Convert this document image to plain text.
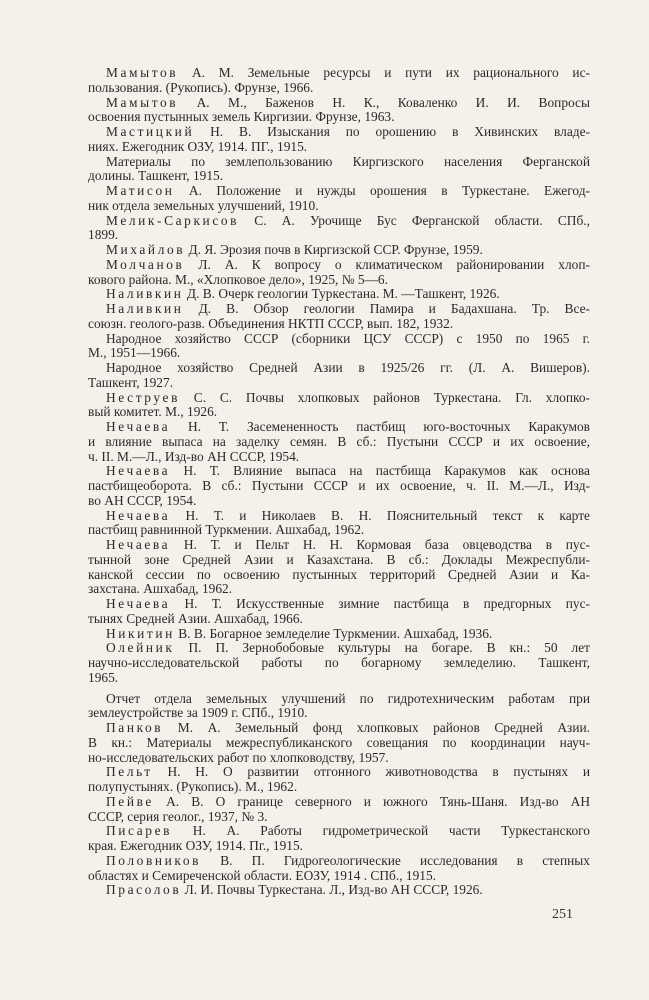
Мамытов А. М. Земельные ресурсы и пути их рационального ис-
пользования. (Рукопись). Фрунзе, 1966.
Мамытов А. М., Баженов Н. К., Коваленко И. И. Вопросы
освоения пустынных земель Киргизии. Фрунзе, 1963.
Мастицкий Н. В. Изыскания по орошению в Хивинских владе-
ниях. Ежегодник ОЗУ, 1914. ПГ., 1915.
Материалы по землепользованию Киргизского населения Ферганской
долины. Ташкент, 1915.
Матисон А. Положение и нужды орошения в Туркестане. Ежегод-
ник отдела земельных улучшений, 1910.
Мелик-Саркисов С. А. Урочище Бус Ферганской области. СПб.,
1899.
Михайлов Д. Я. Эрозия почв в Киргизской ССР. Фрунзе, 1959.
Молчанов Л. А. К вопросу о климатическом районировании хлоп-
кового района. М., «Хлопковое дело», 1925, № 5—6.
Наливкин Д. В. Очерк геологии Туркестана. М. —Ташкент, 1926.
Наливкин Д. В. Обзор геологии Памира и Бадахшана. Тр. Все-
союзн. геолого-разв. Объединения НКТП СССР, вып. 182, 1932.
Народное хозяйство СССР (сборники ЦСУ СССР) с 1950 по 1965 г.
М., 1951—1966.
Народное хозяйство Средней Азии в 1925/26 гг. (Л. А. Вишеров).
Ташкент, 1927.
Неструев С. С. Почвы хлопковых районов Туркестана. Гл. хлопко-
вый комитет. М., 1926.
Нечаева Н. Т. Засемененность пастбищ юго-восточных Каракумов
и влияние выпаса на заделку семян. В сб.: Пустыни СССР и их освоение,
ч. II. М.—Л., Изд-во АН СССР, 1954.
Нечаева Н. Т. Влияние выпаса на пастбища Каракумов как основа
пастбищеоборота. В сб.: Пустыни СССР и их освоение, ч. II. М.—Л., Изд-
во АН СССР, 1954.
Нечаева Н. Т. и Николаев В. Н. Пояснительный текст к карте
пастбищ равнинной Туркмении. Ашхабад, 1962.
Нечаева Н. Т. и Пельт Н. Н. Кормовая база овцеводства в пус-
тынной зоне Средней Азии и Казахстана. В сб.: Доклады Межреспубли-
канской сессии по освоению пустынных территорий Средней Азии и Ка-
захстана. Ашхабад, 1962.
Нечаева Н. Т. Искусственные зимние пастбища в предгорных пус-
тынях Средней Азии. Ашхабад, 1966.
Никитин В. В. Богарное земледелие Туркмении. Ашхабад, 1936.
Олейник П. П. Зернобобовые культуры на богаре. В кн.: 50 лет
научно-исследовательской работы по богарному земледелию. Ташкент,
1965.
Отчет отдела земельных улучшений по гидротехническим работам при
землеустройстве за 1909 г. СПб., 1910.
Панков М. А. Земельный фонд хлопковых районов Средней Азии.
В кн.: Материалы межреспубликанского совещания по координации науч-
но-исследовательских работ по хлопководству, 1957.
Пельт Н. Н. О развитии отгонного животноводства в пустынях и
полупустынях. (Рукопись). М., 1962.
Пейве А. В. О границе северного и южного Тянь-Шаня. Изд-во АН
СССР, серия геолог., 1937, № 3.
Писарев Н. А. Работы гидрометрической части Туркестанского
края. Ежегодник ОЗУ, 1914. Пг., 1915.
Половников В. П. Гидрогеологические исследования в степных
областях и Семиреченской области. ЕОЗУ, 1914 . СПб., 1915.
Прасолов Л. И. Почвы Туркестана. Л., Изд-во АН СССР, 1926.
251
